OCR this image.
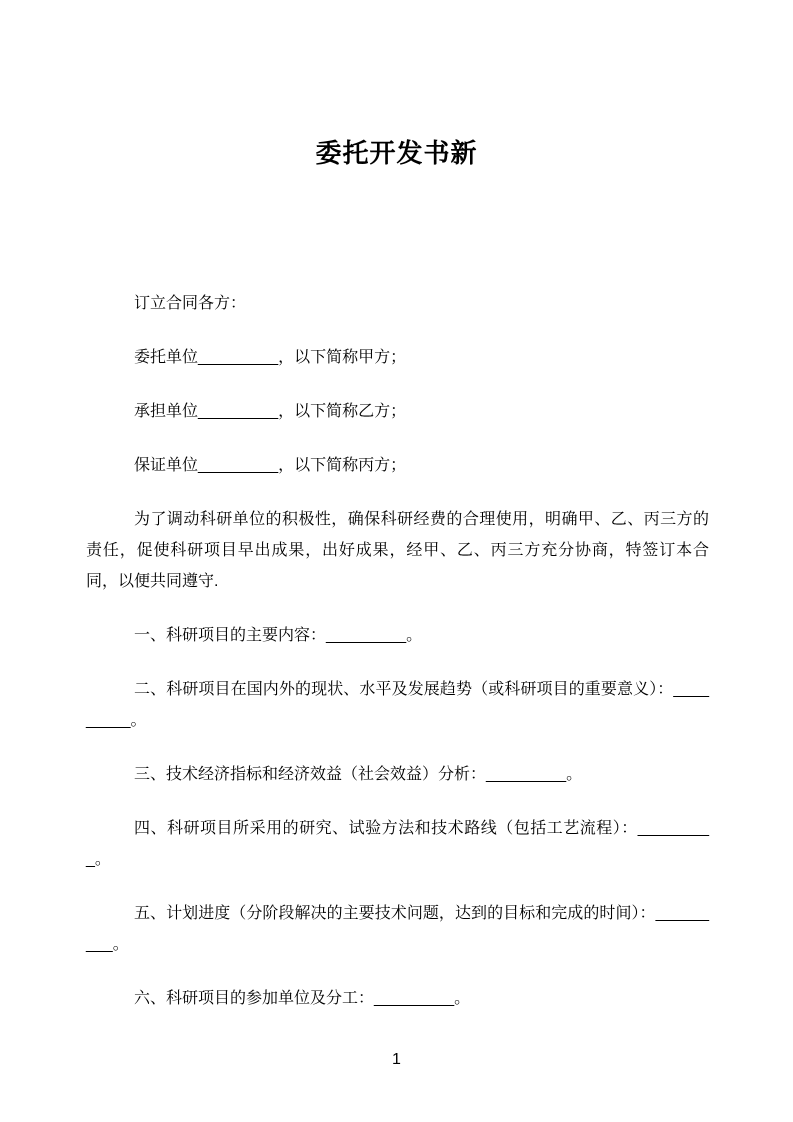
委托开发书新

订立合同各方：

委托单位_________，以下简称甲方；

承担单位_________，以下简称乙方；

保证单位_________，以下简称丙方；

为了调动科研单位的积极性，确保科研经费的合理使用，明确甲、乙、丙三方的责任，促使科研项目早出成果，出好成果，经甲、乙、丙三方充分协商，特签订本合同，以便共同遵守.

一、科研项目的主要内容：_________。

二、科研项目在国内外的现状、水平及发展趋势（或科研项目的重要意义）：_________。

三、技术经济指标和经济效益（社会效益）分析：_________。

四、科研项目所采用的研究、试验方法和技术路线（包括工艺流程）：_________。

五、计划进度（分阶段解决的主要技术问题，达到的目标和完成的时间）：_________。

六、科研项目的参加单位及分工：_________。

1
